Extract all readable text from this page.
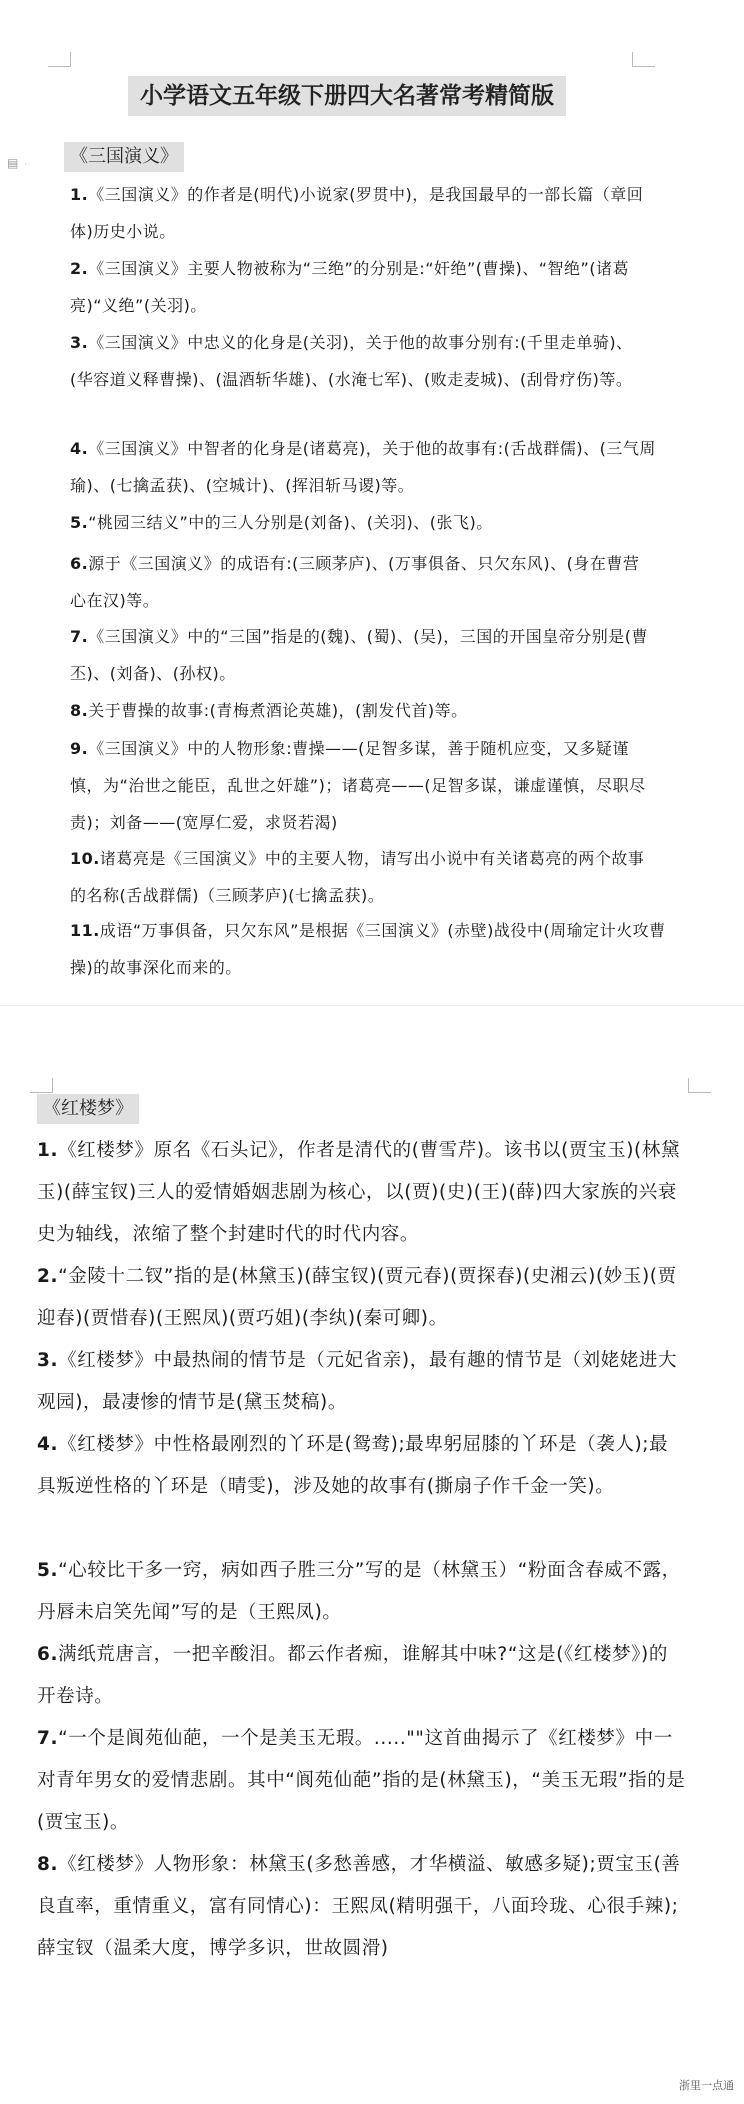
小学语文五年级下册四大名著常考精简版
▤ ·	《三国演义》

1.《三国演义》的作者是(明代)小说家(罗贯中)，是我国最早的一部长篇（章回体)历史小说。

2.《三国演义》主要人物被称为“三绝”的分别是:“奸绝”(曹操)、“智绝”(诸葛亮)“义绝”(关羽)。

3.《三国演义》中忠义的化身是(关羽)，关于他的故事分别有:(千里走单骑)、(华容道义释曹操)、(温酒斩华雄)、(水淹七军)、(败走麦城)、(刮骨疗伤)等。

4.《三国演义》中智者的化身是(诸葛亮)，关于他的故事有:(舌战群儒)、(三气周瑜)、(七擒孟获)、(空城计)、(挥泪斩马谡)等。

5.“桃园三结义”中的三人分别是(刘备)、(关羽)、(张飞)。

6.源于《三国演义》的成语有:(三顾茅庐)、(万事俱备、只欠东风)、(身在曹营心在汉)等。

7.《三国演义》中的“三国”指是的(魏)、(蜀)、(吴)，三国的开国皇帝分别是(曹丕)、(刘备)、(孙权)。

8.关于曹操的故事:(青梅煮酒论英雄)，(割发代首)等。

9.《三国演义》中的人物形象:曹操——(足智多谋，善于随机应变，又多疑谨慎，为“治世之能臣，乱世之奸雄”)；诸葛亮——(足智多谋，谦虚谨慎，尽职尽责)；刘备——(宽厚仁爱，求贤若渴)

10.诸葛亮是《三国演义》中的主要人物，请写出小说中有关诸葛亮的两个故事的名称(舌战群儒)（三顾茅庐)(七擒孟获)。

11.成语“万事俱备，只欠东风”是根据《三国演义》(赤壁)战役中(周瑜定计火攻曹操)的故事深化而来的。

《红楼梦》

1.《红楼梦》原名《石头记》，作者是清代的(曹雪芹)。该书以(贾宝玉)(林黛玉)(薛宝钗)三人的爱情婚姻悲剧为核心，以(贾)(史)(王)(薛)四大家族的兴衰史为轴线，浓缩了整个封建时代的时代内容。

2.“金陵十二钗”指的是(林黛玉)(薛宝钗)(贾元春)(贾探春)(史湘云)(妙玉)(贾迎春)(贾惜春)(王熙凤)(贾巧姐)(李纨)(秦可卿)。

3.《红楼梦》中最热闹的情节是（元妃省亲)，最有趣的情节是（刘姥姥进大观园)，最凄惨的情节是(黛玉焚稿)。

4.《红楼梦》中性格最刚烈的丫环是(鸳鸯);最卑躬屈膝的丫环是（袭人);最具叛逆性格的丫环是（晴雯)，涉及她的故事有(撕扇子作千金一笑)。

5.“心较比干多一窍，病如西子胜三分”写的是（林黛玉）“粉面含春威不露，丹唇未启笑先闻”写的是（王熙凤)。

6.满纸荒唐言，一把辛酸泪。都云作者痴，谁解其中味?“这是(《红楼梦》)的开卷诗。

7.“一个是阆苑仙葩，一个是美玉无瑕。.....""这首曲揭示了《红楼梦》中一对青年男女的爱情悲剧。其中“阆苑仙葩”指的是(林黛玉)，“美玉无瑕”指的是(贾宝玉)。

8.《红楼梦》人物形象：林黛玉(多愁善感，才华横溢、敏感多疑);贾宝玉(善良直率，重情重义，富有同情心)：王熙凤(精明强干，八面玲珑、心很手辣);薛宝钗（温柔大度，博学多识，世故圆滑)

浙里一点通
